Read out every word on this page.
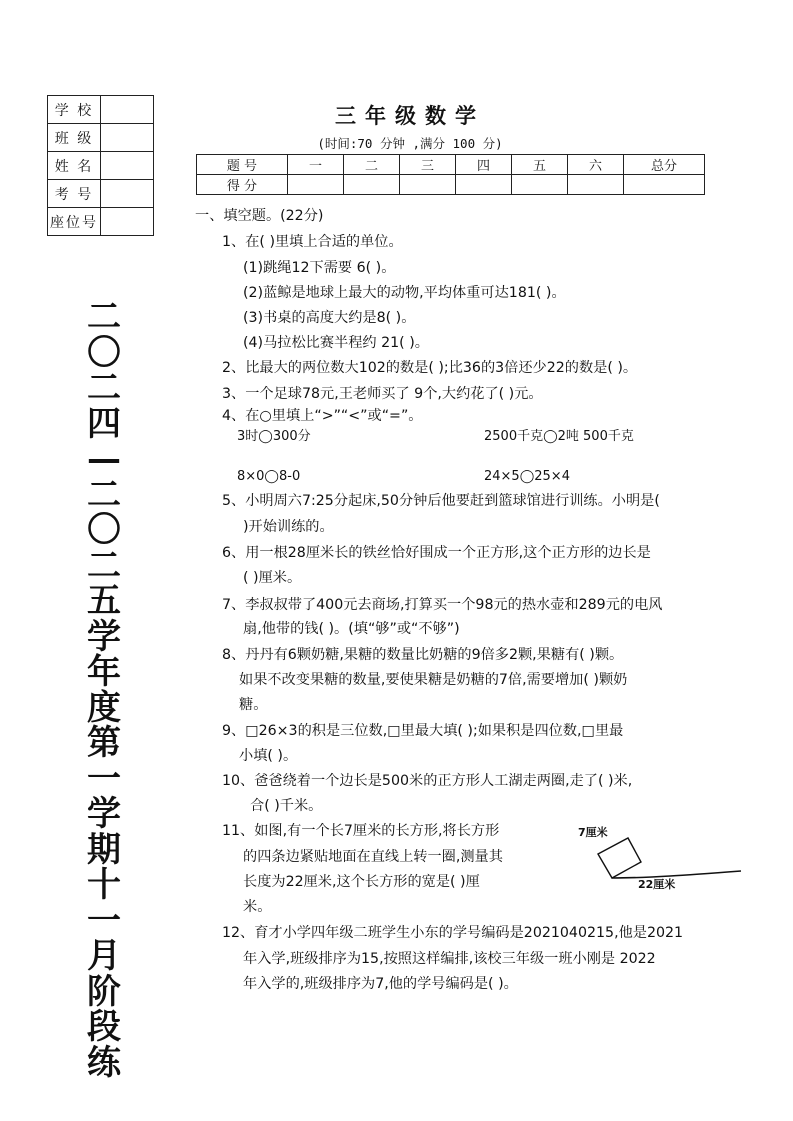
学 校	
班 级	
姓 名	
考 号	
座位号	
二〇二四—二〇二五学年度第一学期十一月阶段练
三年级数学
(时间:70 分钟 ,满分 100 分)
题 号	一	二	三	四	五	六	总分
得 分							
一、填空题。(22分)
1、在( )里填上合适的单位。
(1)跳绳12下需要 6( )。
(2)蓝鲸是地球上最大的动物,平均体重可达181( )。
(3)书桌的高度大约是8( )。
(4)马拉松比赛半程约 21( )。
2、比最大的两位数大102的数是( );比36的3倍还少22的数是( )。
3、一个足球78元,王老师买了 9个,大约花了( )元。
4、在○里填上“>”“<”或“=”。
3时◯300分	2500千克◯2吨 500千克
8×0◯8-0	24×5◯25×4
5、小明周六7:25分起床,50分钟后他要赶到篮球馆进行训练。小明是(
)开始训练的。
6、用一根28厘米长的铁丝恰好围成一个正方形,这个正方形的边长是
( )厘米。
7、李叔叔带了400元去商场,打算买一个98元的热水壶和289元的电风
扇,他带的钱( )。(填“够”或“不够”)
8、丹丹有6颗奶糖,果糖的数量比奶糖的9倍多2颗,果糖有( )颗。
如果不改变果糖的数量,要使果糖是奶糖的7倍,需要增加( )颗奶
糖。
9、□26×3的积是三位数,□里最大填( );如果积是四位数,□里最
小填( )。
10、爸爸绕着一个边长是500米的正方形人工湖走两圈,走了( )米,
合( )千米。
11、如图,有一个长7厘米的长方形,将长方形
的四条边紧贴地面在直线上转一圈,测量其
长度为22厘米,这个长方形的宽是( )厘
米。
7厘米
22厘米
12、育才小学四年级二班学生小东的学号编码是2021040215,他是2021
年入学,班级排序为15,按照这样编排,该校三年级一班小刚是 2022
年入学的,班级排序为7,他的学号编码是( )。
